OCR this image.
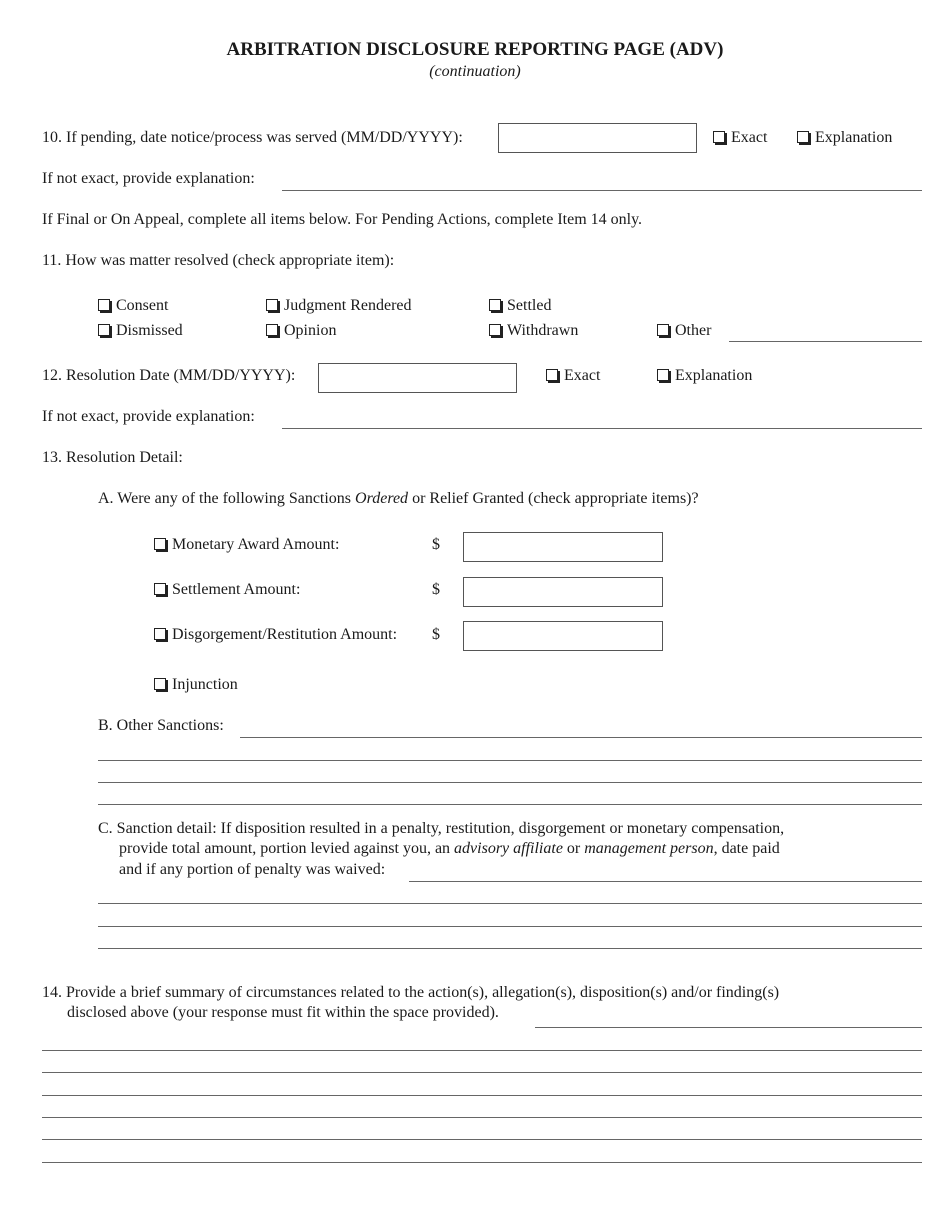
ARBITRATION DISCLOSURE REPORTING PAGE (ADV)
(continuation)
10. If pending, date notice/process was served (MM/DD/YYYY):	Exact	Explanation
If not exact, provide explanation:
If Final or On Appeal, complete all items below. For Pending Actions, complete Item 14 only.
11. How was matter resolved (check appropriate item):
Consent	Judgment Rendered	Settled
Dismissed	Opinion	Withdrawn	Other
12. Resolution Date (MM/DD/YYYY):	Exact	Explanation
If not exact, provide explanation:
13. Resolution Detail:
A. Were any of the following Sanctions Ordered or Relief Granted (check appropriate items)?
Monetary Award Amount:	$
Settlement Amount:	$
Disgorgement/Restitution Amount: $
Injunction
B. Other Sanctions:
C. Sanction detail: If disposition resulted in a penalty, restitution, disgorgement or monetary compensation,
provide total amount, portion levied against you, an advisory affiliate or management person, date paid
and if any portion of penalty was waived:
14. Provide a brief summary of circumstances related to the action(s), allegation(s), disposition(s) and/or finding(s)
disclosed above (your response must fit within the space provided).
